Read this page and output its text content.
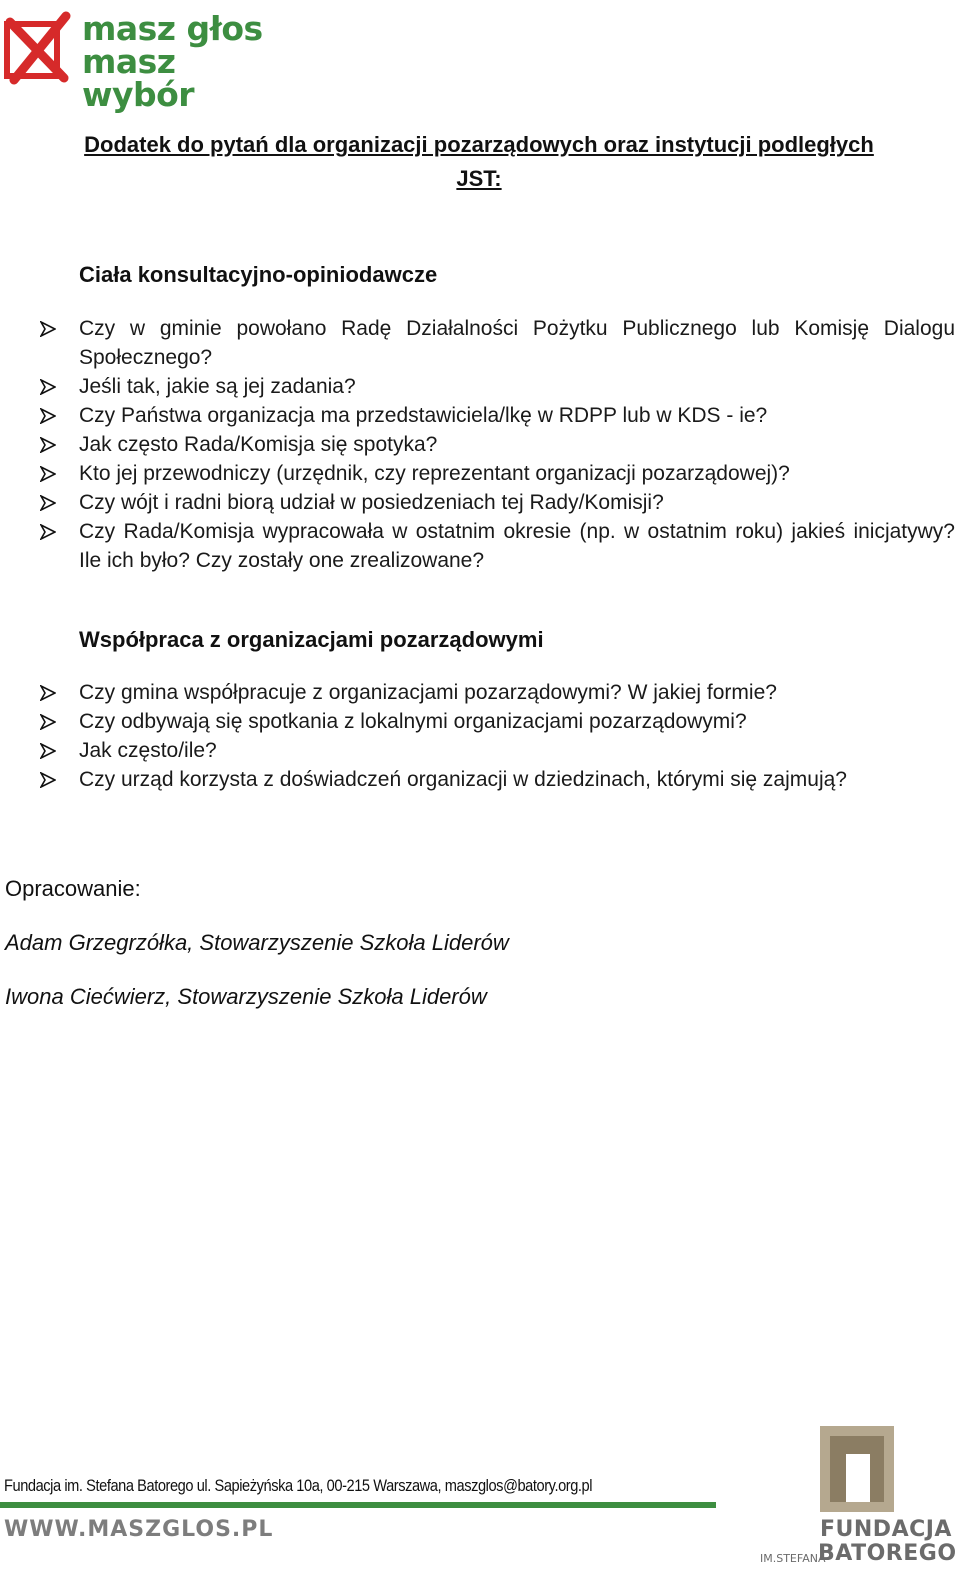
masz głos
masz wybór
Dodatek do pytań dla organizacji pozarządowych oraz instytucji podległych
JST:
Ciała konsultacyjno-opiniodawcze
Czy w gminie powołano Radę Działalności Pożytku Publicznego lub Komisję Dialogu Społecznego?
Jeśli tak, jakie są jej zadania?
Czy Państwa organizacja ma przedstawiciela/lkę w RDPP lub w KDS - ie?
Jak często Rada/Komisja się spotyka?
Kto jej przewodniczy (urzędnik, czy reprezentant organizacji pozarządowej)?
Czy wójt i radni biorą udział w posiedzeniach tej Rady/Komisji?
Czy Rada/Komisja wypracowała w ostatnim okresie (np. w ostatnim roku) jakieś inicjatywy? Ile ich było? Czy zostały one zrealizowane?
Współpraca z organizacjami pozarządowymi
Czy gmina współpracuje z organizacjami pozarządowymi? W jakiej formie?
Czy odbywają się spotkania z lokalnymi organizacjami pozarządowymi?
Jak często/ile?
Czy urząd korzysta z doświadczeń organizacji w dziedzinach, którymi się zajmują?
Opracowanie:
Adam Grzegrzółka, Stowarzyszenie Szkoła Liderów
Iwona Ciećwierz, Stowarzyszenie Szkoła Liderów
Fundacja im. Stefana Batorego ul. Sapieżyńska 10a, 00-215 Warszawa, maszglos@batory.org.pl
WWW.MASZGLOS.PL	FUNDACJA
IM.STEFANA
BATOREGO
